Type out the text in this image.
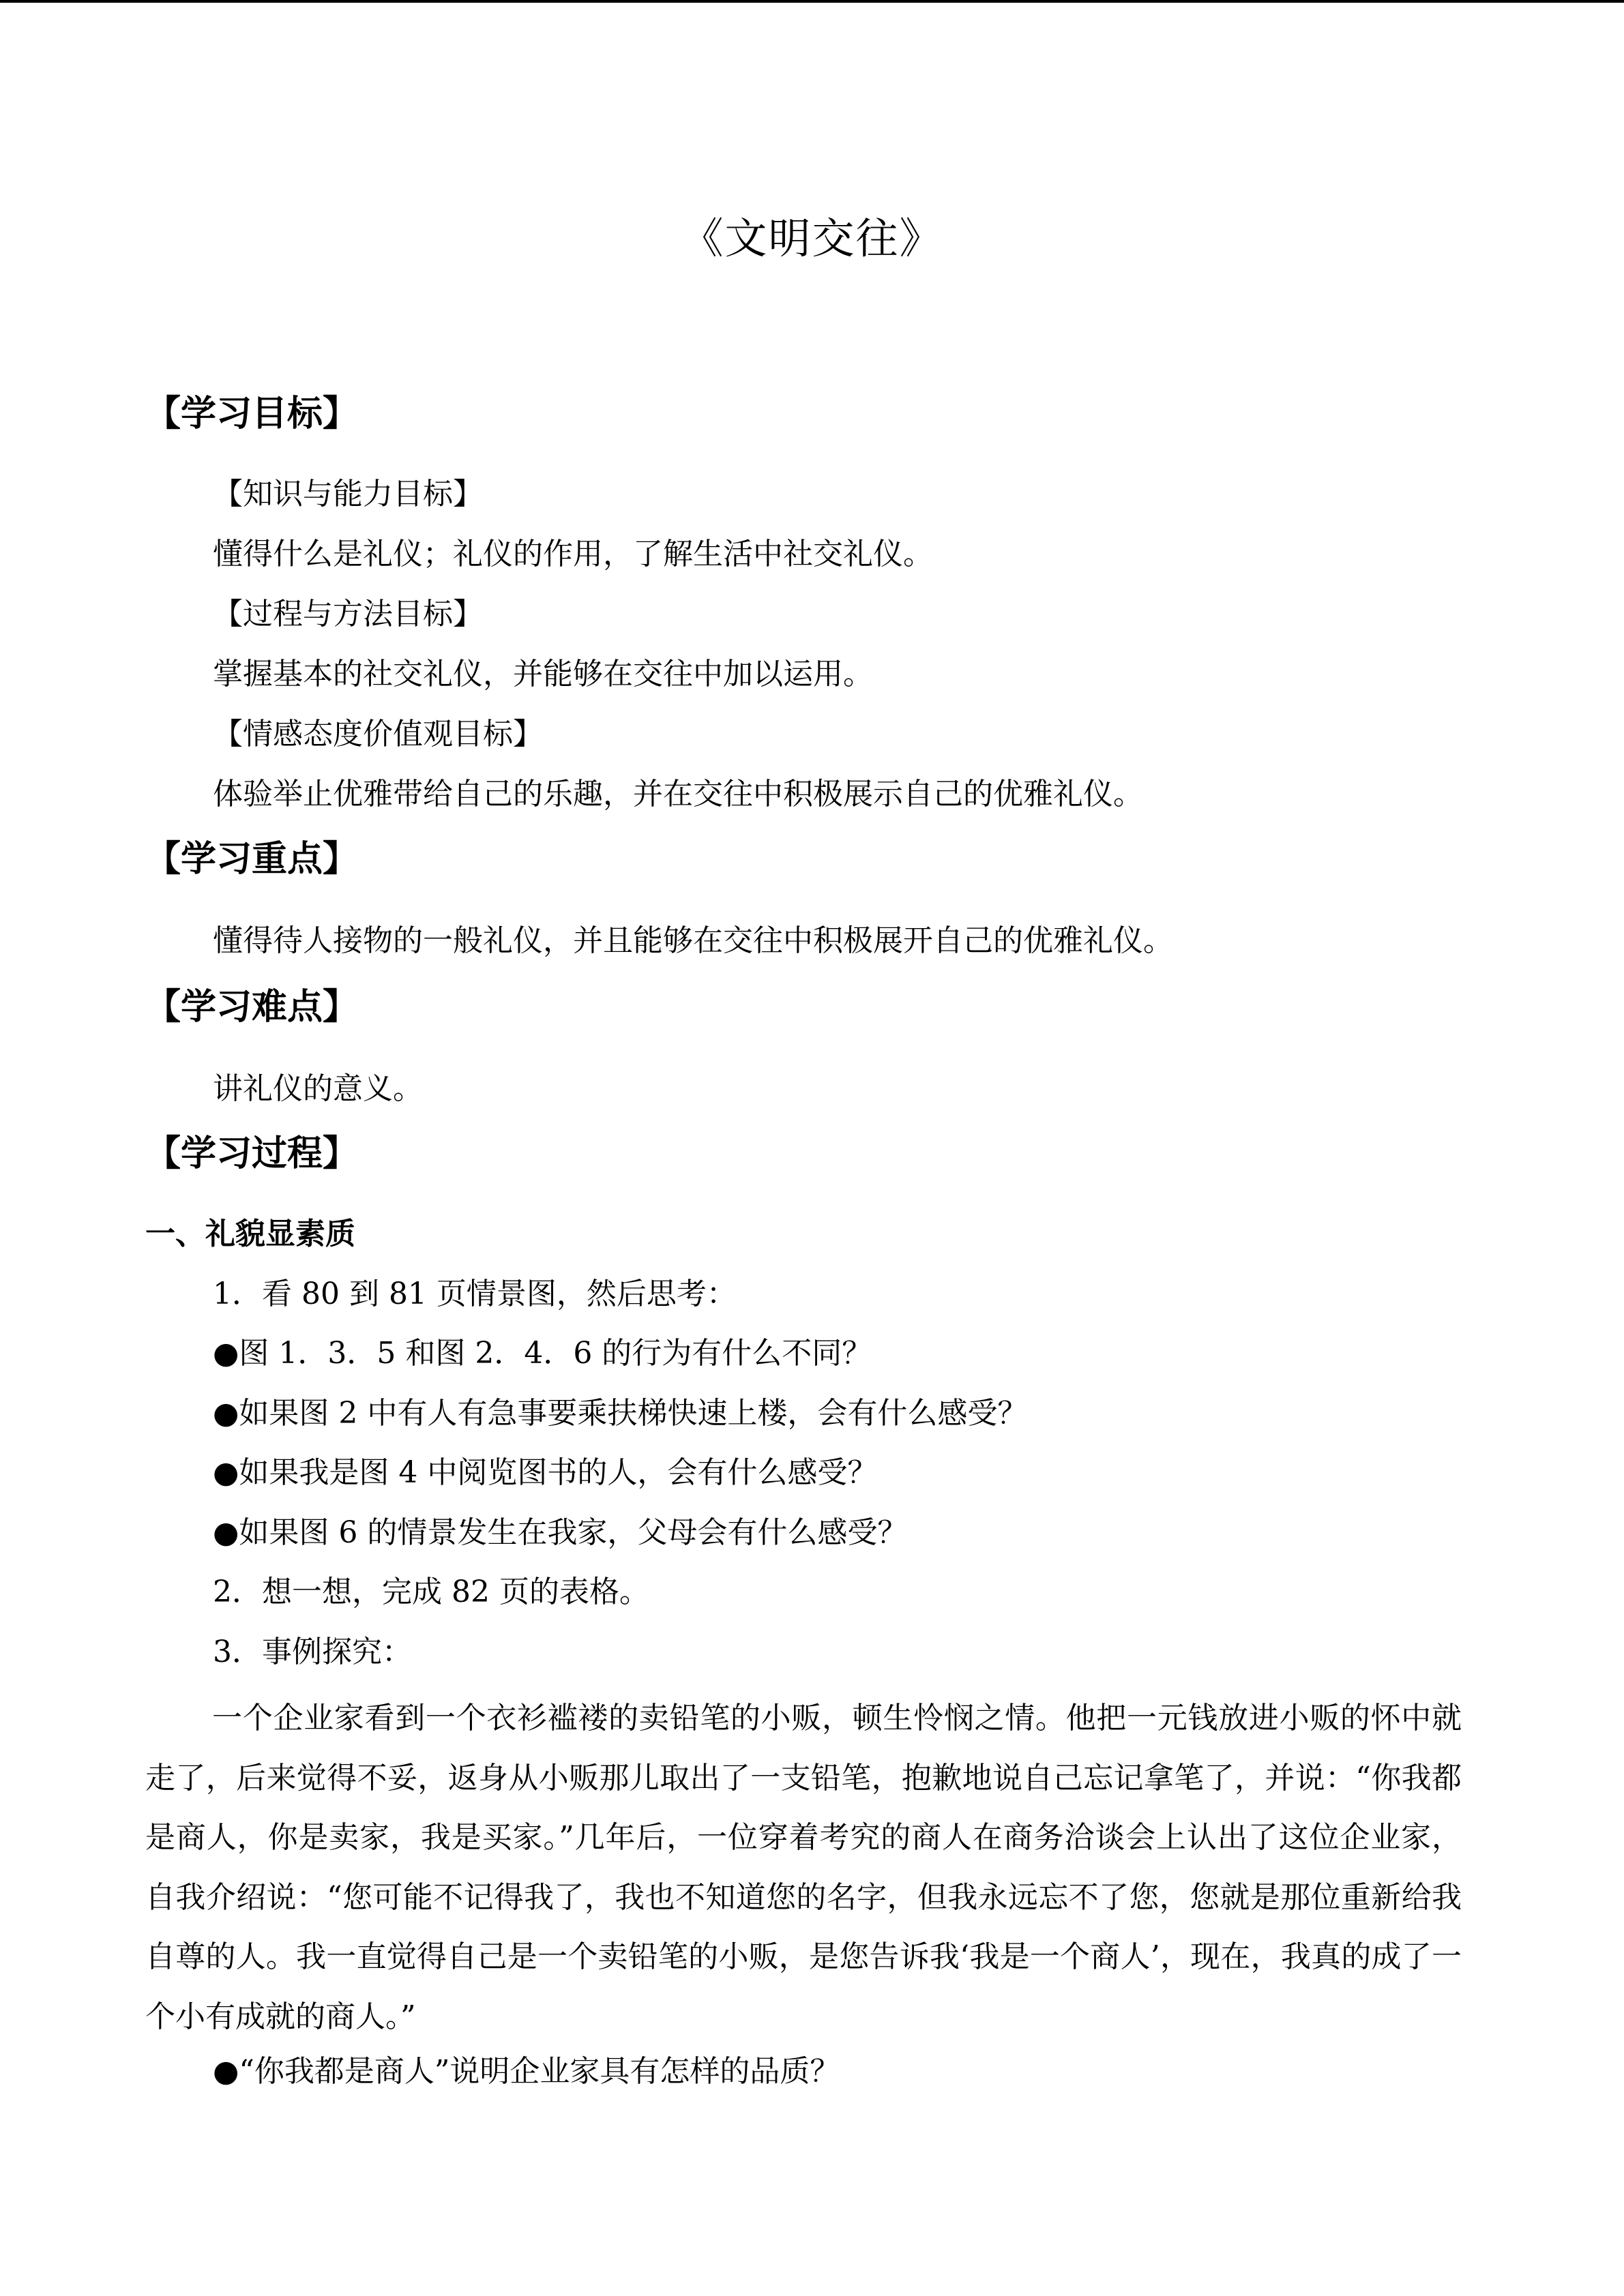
《文明交往》
【学习目标】
【知识与能力目标】
懂得什么是礼仪；礼仪的作用，了解生活中社交礼仪。
【过程与方法目标】
掌握基本的社交礼仪，并能够在交往中加以运用。
【情感态度价值观目标】
体验举止优雅带给自己的乐趣，并在交往中积极展示自己的优雅礼仪。
【学习重点】
懂得待人接物的一般礼仪，并且能够在交往中积极展开自己的优雅礼仪。
【学习难点】
讲礼仪的意义。
【学习过程】
一、礼貌显素质
1．看 80 到 81 页情景图，然后思考：
●图 1．3．5 和图 2．4．6 的行为有什么不同？
●如果图 2 中有人有急事要乘扶梯快速上楼，会有什么感受？
●如果我是图 4 中阅览图书的人，会有什么感受？
●如果图 6 的情景发生在我家，父母会有什么感受？
2．想一想，完成 82 页的表格。
3．事例探究：

一个企业家看到一个衣衫褴褛的卖铅笔的小贩，顿生怜悯之情。他把一元钱放进小贩的怀中就走了，后来觉得不妥，返身从小贩那儿取出了一支铅笔，抱歉地说自己忘记拿笔了，并说：“你我都是商人，你是卖家，我是买家。”几年后，一位穿着考究的商人在商务洽谈会上认出了这位企业家，自我介绍说：“您可能不记得我了，我也不知道您的名字，但我永远忘不了您，您就是那位重新给我自尊的人。我一直觉得自己是一个卖铅笔的小贩，是您告诉我‘我是一个商人’，现在，我真的成了一个小有成就的商人。”

●“你我都是商人”说明企业家具有怎样的品质？
